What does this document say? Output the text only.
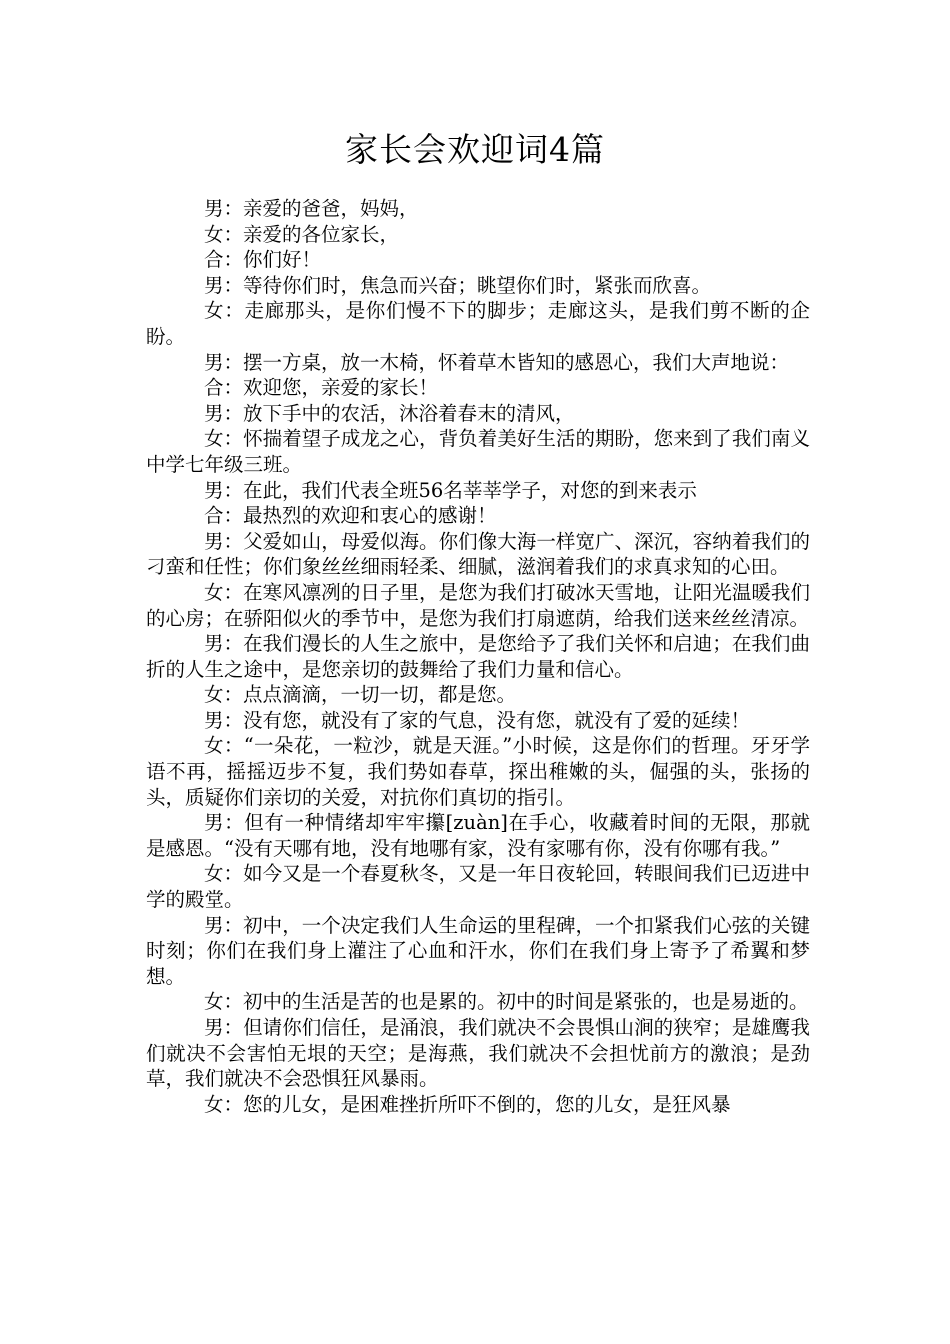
家长会欢迎词4篇

男：亲爱的爸爸，妈妈，

女：亲爱的各位家长，

合：你们好！

男：等待你们时，焦急而兴奋；眺望你们时，紧张而欣喜。

女：走廊那头，是你们慢不下的脚步；走廊这头，是我们剪不断的企盼。

男：摆一方桌，放一木椅，怀着草木皆知的感恩心，我们大声地说：

合：欢迎您，亲爱的家长！

男：放下手中的农活，沐浴着春末的清风，

女：怀揣着望子成龙之心，背负着美好生活的期盼，您来到了我们南义中学七年级三班。

男：在此，我们代表全班56名莘莘学子，对您的到来表示

合：最热烈的欢迎和衷心的感谢！

男：父爱如山，母爱似海。你们像大海一样宽广、深沉，容纳着我们的刁蛮和任性；你们象丝丝细雨轻柔、细腻，滋润着我们的求真求知的心田。

女：在寒风凛冽的日子里，是您为我们打破冰天雪地，让阳光温暖我们的心房；在骄阳似火的季节中，是您为我们打扇遮荫，给我们送来丝丝清凉。

男：在我们漫长的人生之旅中，是您给予了我们关怀和启迪；在我们曲折的人生之途中，是您亲切的鼓舞给了我们力量和信心。

女：点点滴滴，一切一切，都是您。

男：没有您，就没有了家的气息，没有您，就没有了爱的延续！

女：“一朵花，一粒沙，就是天涯。”小时候，这是你们的哲理。牙牙学语不再，摇摇迈步不复，我们势如春草，探出稚嫩的头，倔强的头，张扬的头，质疑你们亲切的关爱，对抗你们真切的指引。

男：但有一种情绪却牢牢攥[zuàn]在手心，收藏着时间的无限，那就是感恩。“没有天哪有地，没有地哪有家，没有家哪有你，没有你哪有我。”

女：如今又是一个春夏秋冬，又是一年日夜轮回，转眼间我们已迈进中学的殿堂。

男：初中，一个决定我们人生命运的里程碑，一个扣紧我们心弦的关键时刻；你们在我们身上灌注了心血和汗水，你们在我们身上寄予了希翼和梦想。

女：初中的生活是苦的也是累的。初中的时间是紧张的，也是易逝的。

男：但请你们信任，是涌浪，我们就决不会畏惧山涧的狭窄；是雄鹰我们就决不会害怕无垠的天空；是海燕，我们就决不会担忧前方的激浪；是劲草，我们就决不会恐惧狂风暴雨。

女：您的儿女，是困难挫折所吓不倒的，您的儿女，是狂风暴
